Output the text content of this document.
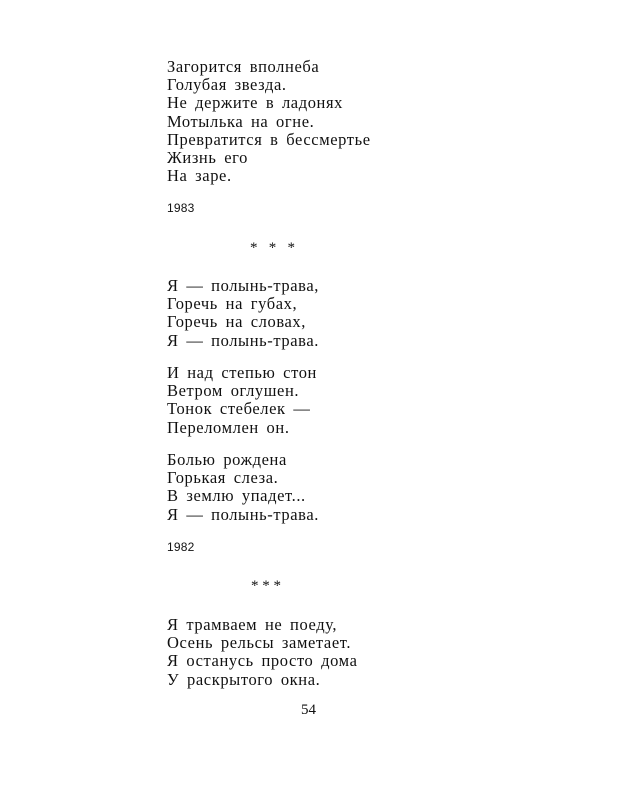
Загорится вполнеба
Голубая звезда.
Не держите в ладонях
Мотылька на огне.
Превратится в бессмертье
Жизнь его
На заре.
1983
*   *   *
Я — полынь-трава,
Горечь на губах,
Горечь на словах,
Я — полынь-трава.
И над степью стон
Ветром оглушен.
Тонок стебелек —
Переломлен он.
Болью рождена
Горькая слеза.
В землю упадет...
Я — полынь-трава.
1982
* * *
Я трамваем не поеду,
Осень рельсы заметает.
Я останусь просто дома
У раскрытого окна.
54
